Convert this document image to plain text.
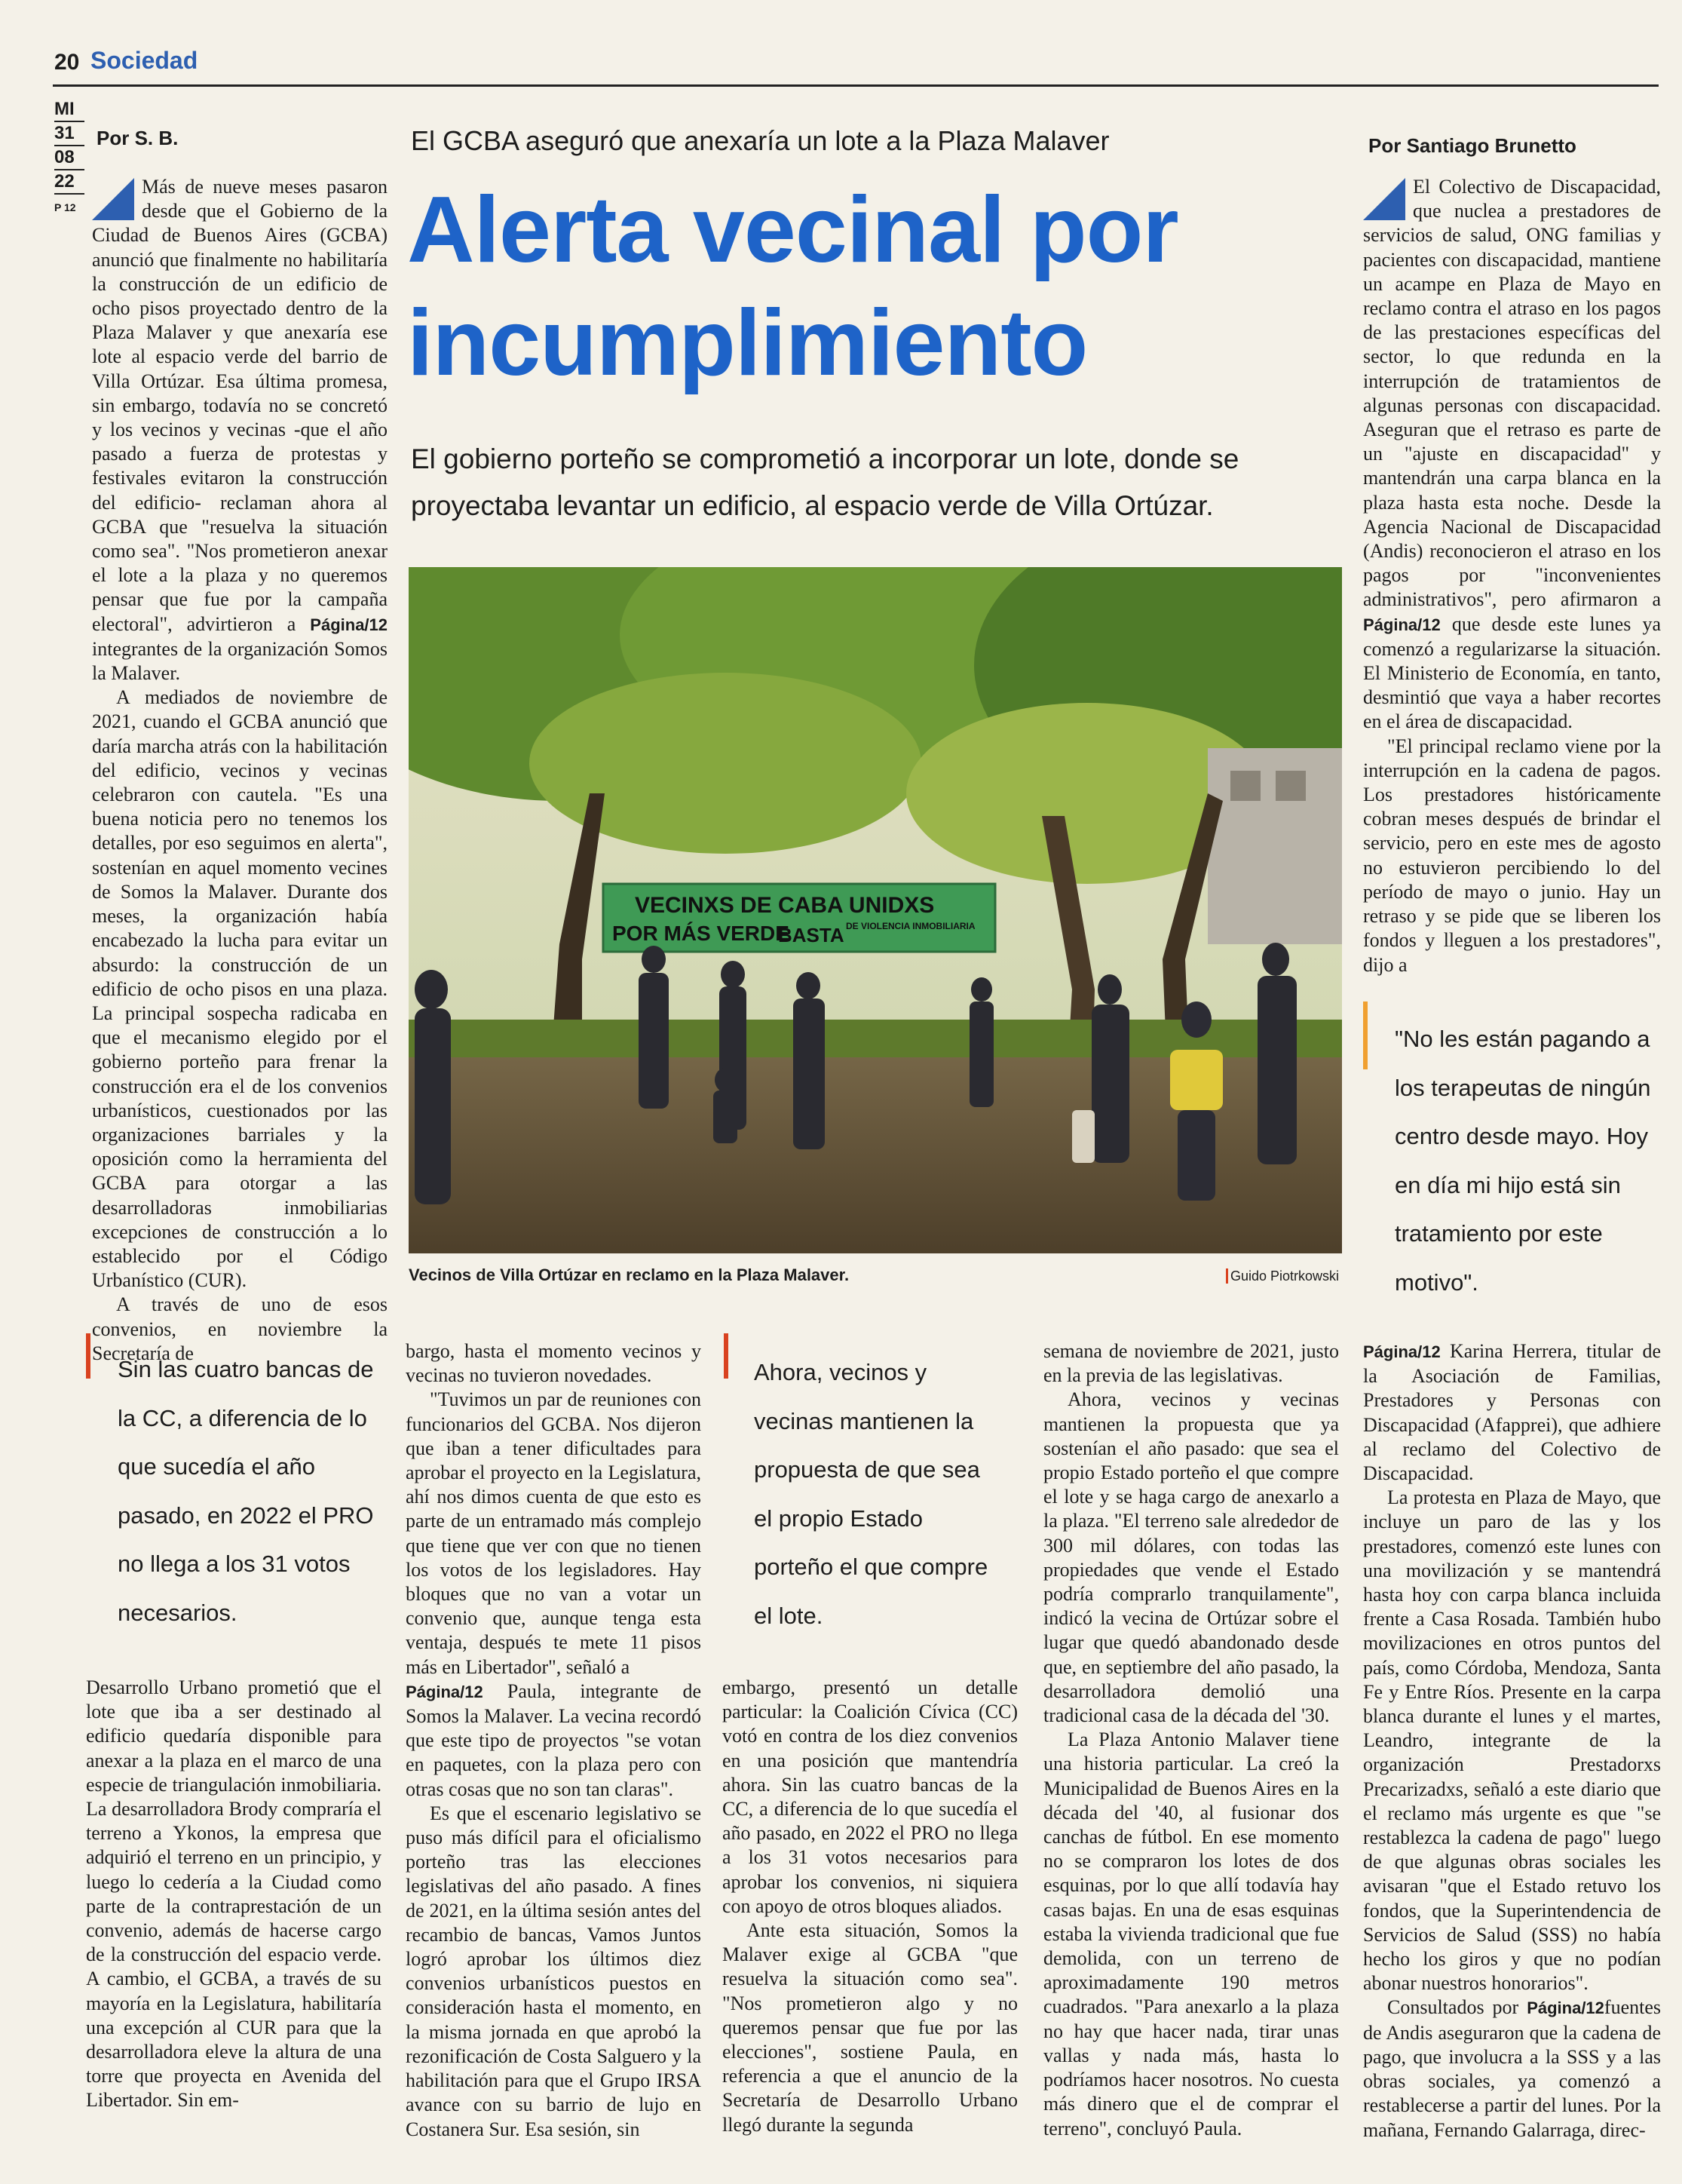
20 Sociedad
MI
31
08
22
P 12
Por S. B.	Por Santiago Brunetto
El GCBA aseguró que anexaría un lote a la Plaza Malaver
Alerta vecinal por
incumplimiento
El gobierno porteño se comprometió a incorporar un lote, donde se proyectaba levantar un edificio, al espacio verde de Villa Ortúzar.

Más de nueve meses pasaron desde que el Gobierno de la Ciudad de Buenos Aires (GCBA) anunció que finalmente no habilitaría la construcción de un edificio de ocho pisos proyectado dentro de la Plaza Malaver y que anexaría ese lote al espacio verde del barrio de Villa Ortúzar. Esa última promesa, sin embargo, todavía no se concretó y los vecinos y vecinas -que el año pasado a fuerza de protestas y festivales evitaron la construcción del edificio- reclaman ahora al GCBA que "resuelva la situación como sea". "Nos prometieron anexar el lote a la plaza y no queremos pensar que fue por la campaña electoral", advirtieron a Página/12 integrantes de la organización Somos la Malaver.

A mediados de noviembre de 2021, cuando el GCBA anunció que daría marcha atrás con la habilitación del edificio, vecinos y vecinas celebraron con cautela. "Es una buena noticia pero no tenemos los detalles, por eso seguimos en alerta", sostenían en aquel momento vecines de Somos la Malaver. Durante dos meses, la organización había encabezado la lucha para evitar un absurdo: la construcción de un edificio de ocho pisos en una plaza. La principal sospecha radicaba en que el mecanismo elegido por el gobierno porteño para frenar la construcción era el de los convenios urbanísticos, cuestionados por las organizaciones barriales y la oposición como la herramienta del GCBA para otorgar a las desarrolladoras inmobiliarias excepciones de construcción a lo establecido por el Código Urbanístico (CUR).

A través de uno de esos convenios, en noviembre la Secretaría de

Sin las cuatro bancas de la CC, a diferencia de lo que sucedía el año pasado, en 2022 el PRO no llega a los 31 votos necesarios.

Desarrollo Urbano prometió que el lote que iba a ser destinado al edificio quedaría disponible para anexar a la plaza en el marco de una especie de triangulación inmobiliaria. La desarrolladora Brody compraría el terreno a Ykonos, la empresa que adquirió el terreno en un principio, y luego lo cedería a la Ciudad como parte de la contraprestación de un convenio, además de hacerse cargo de la construcción del espacio verde. A cambio, el GCBA, a través de su mayoría en la Legislatura, habilitaría una excepción al CUR para que la desarrolladora eleve la altura de una torre que proyecta en Avenida del Libertador. Sin em-

VECINXS DE CABA UNIDXS
POR MÁS VERDE
BASTA DE VIOLENCIA INMOBILIARIA
Vecinos de Villa Ortúzar en reclamo en la Plaza Malaver.	Guido Piotrkowski

bargo, hasta el momento vecinos y vecinas no tuvieron novedades.

"Tuvimos un par de reuniones con funcionarios del GCBA. Nos dijeron que iban a tener dificultades para aprobar el proyecto en la Legislatura, ahí nos dimos cuenta de que esto es parte de un entramado más complejo que tiene que ver con que no tienen los votos de los legisladores. Hay bloques que no van a votar un convenio que, aunque tenga esta ventaja, después te mete 11 pisos más en Libertador", señaló a

Página/12 Paula, integrante de Somos la Malaver. La vecina recordó que este tipo de proyectos "se votan en paquetes, con la plaza pero con otras cosas que no son tan claras".

Es que el escenario legislativo se puso más difícil para el oficialismo porteño tras las elecciones legislativas del año pasado. A fines de 2021, en la última sesión antes del recambio de bancas, Vamos Juntos logró aprobar los últimos diez convenios urbanísticos puestos en consideración hasta el momento, en la misma jornada en que aprobó la rezonificación de Costa Salguero y la habilitación para que el Grupo IRSA avance con su barrio de lujo en Costanera Sur. Esa sesión, sin

Ahora, vecinos y vecinas mantienen la propuesta de que sea el propio Estado porteño el que compre el lote.

embargo, presentó un detalle particular: la Coalición Cívica (CC) votó en contra de los diez convenios en una posición que mantendría ahora. Sin las cuatro bancas de la CC, a diferencia de lo que sucedía el año pasado, en 2022 el PRO no llega a los 31 votos necesarios para aprobar los convenios, ni siquiera con apoyo de otros bloques aliados.

Ante esta situación, Somos la Malaver exige al GCBA "que resuelva la situación como sea". "Nos prometieron algo y no queremos pensar que fue por las elecciones", sostiene Paula, en referencia a que el anuncio de la Secretaría de Desarrollo Urbano llegó durante la segunda

semana de noviembre de 2021, justo en la previa de las legislativas.

Ahora, vecinos y vecinas mantienen la propuesta que ya sostenían el año pasado: que sea el propio Estado porteño el que compre el lote y se haga cargo de anexarlo a la plaza. "El terreno sale alrededor de 300 mil dólares, con todas las propiedades que vende el Estado podría comprarlo tranquilamente", indicó la vecina de Ortúzar sobre el lugar que quedó abandonado desde que, en septiembre del año pasado, la desarrolladora demolió una tradicional casa de la década del '30.

La Plaza Antonio Malaver tiene una historia particular. La creó la Municipalidad de Buenos Aires en la década del '40, al fusionar dos canchas de fútbol. En ese momento no se compraron los lotes de dos esquinas, por lo que allí todavía hay casas bajas. En una de esas esquinas estaba la vivienda tradicional que fue demolida, con un terreno de aproximadamente 190 metros cuadrados. "Para anexarlo a la plaza no hay que hacer nada, tirar unas vallas y nada más, hasta lo podríamos hacer nosotros. No cuesta más dinero que el de comprar el terreno", concluyó Paula.

El Colectivo de Discapacidad, que nuclea a prestadores de servicios de salud, ONG familias y pacientes con discapacidad, mantiene un acampe en Plaza de Mayo en reclamo contra el atraso en los pagos de las prestaciones específicas del sector, lo que redunda en la interrupción de tratamientos de algunas personas con discapacidad. Aseguran que el retraso es parte de un "ajuste en discapacidad" y mantendrán una carpa blanca en la plaza hasta esta noche. Desde la Agencia Nacional de Discapacidad (Andis) reconocieron el atraso en los pagos por "inconvenientes administrativos", pero afirmaron a Página/12 que desde este lunes ya comenzó a regularizarse la situación. El Ministerio de Economía, en tanto, desmintió que vaya a haber recortes en el área de discapacidad.

"El principal reclamo viene por la interrupción en la cadena de pagos. Los prestadores históricamente cobran meses después de brindar el servicio, pero en este mes de agosto no estuvieron percibiendo lo del período de mayo o junio. Hay un retraso y se pide que se liberen los fondos y lleguen a los prestadores", dijo a

"No les están pagando a los terapeutas de ningún centro desde mayo. Hoy en día mi hijo está sin tratamiento por este motivo".

Página/12 Karina Herrera, titular de la Asociación de Familias, Prestadores y Personas con Discapacidad (Afapprei), que adhiere al reclamo del Colectivo de Discapacidad.

La protesta en Plaza de Mayo, que incluye un paro de las y los prestadores, comenzó este lunes con una movilización y se mantendrá hasta hoy con carpa blanca incluida frente a Casa Rosada. También hubo movilizaciones en otros puntos del país, como Córdoba, Mendoza, Santa Fe y Entre Ríos. Presente en la carpa blanca durante el lunes y el martes, Leandro, integrante de la organización Prestadorxs Precarizadxs, señaló a este diario que el reclamo más urgente es que "se restablezca la cadena de pago" luego de que algunas obras sociales les avisaran "que el Estado retuvo los fondos, que la Superintendencia de Servicios de Salud (SSS) no había hecho los giros y que no podían abonar nuestros honorarios".

Consultados por Página/12fuentes de Andis aseguraron que la cadena de pago, que involucra a la SSS y a las obras sociales, ya comenzó a restablecerse a partir del lunes. Por la mañana, Fernando Galarraga, direc-
